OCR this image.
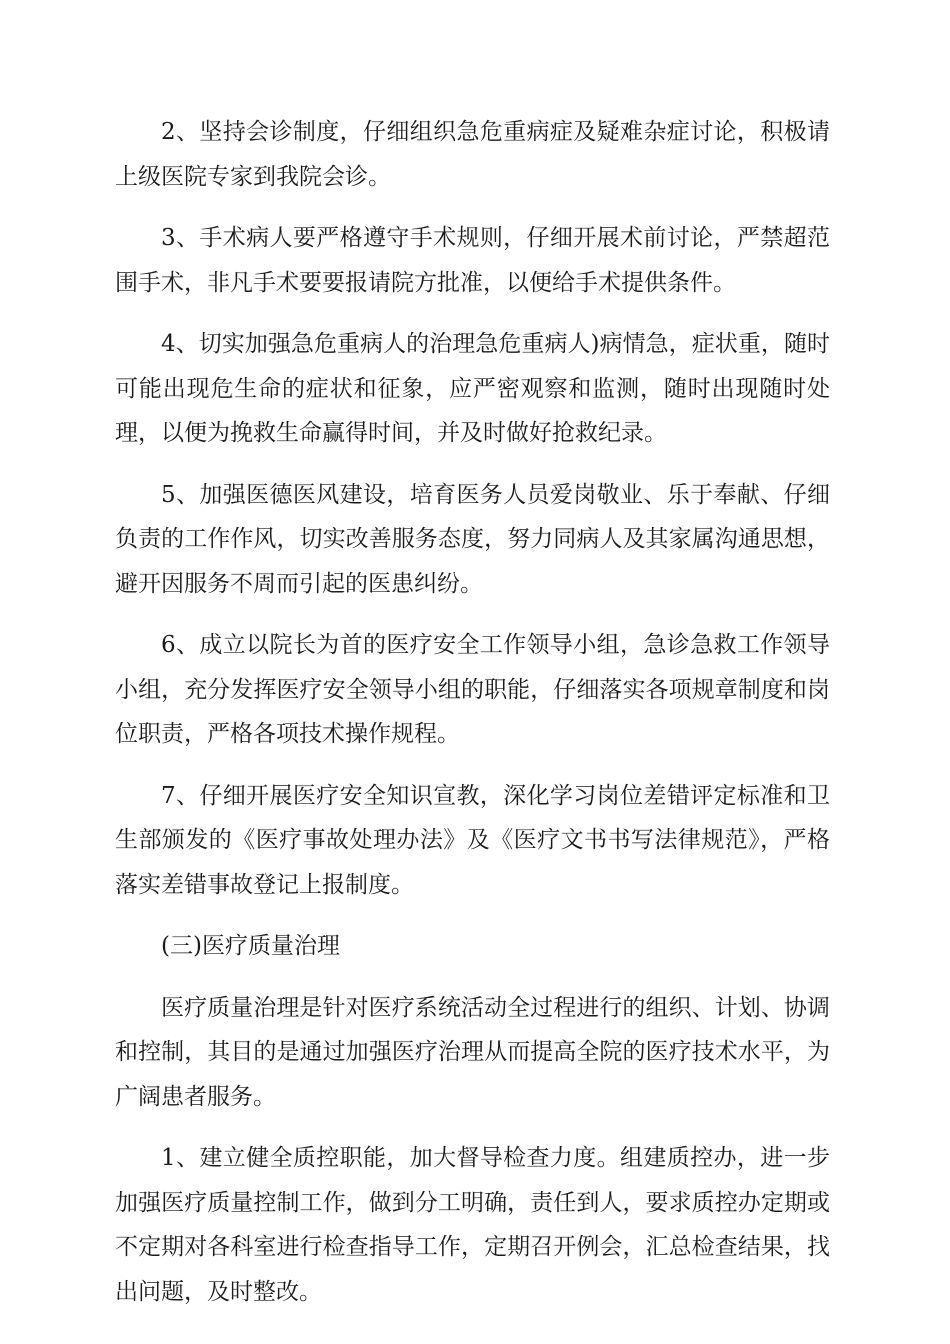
2、坚持会诊制度，仔细组织急危重病症及疑难杂症讨论，积极请上级医院专家到我院会诊。

3、手术病人要严格遵守手术规则，仔细开展术前讨论，严禁超范围手术，非凡手术要要报请院方批准，以便给手术提供条件。

4、切实加强急危重病人的治理急危重病人)病情急，症状重，随时可能出现危生命的症状和征象，应严密观察和监测，随时出现随时处理，以便为挽救生命赢得时间，并及时做好抢救纪录。

5、加强医德医风建设，培育医务人员爱岗敬业、乐于奉献、仔细负责的工作作风，切实改善服务态度，努力同病人及其家属沟通思想，避开因服务不周而引起的医患纠纷。

6、成立以院长为首的医疗安全工作领导小组，急诊急救工作领导小组，充分发挥医疗安全领导小组的职能，仔细落实各项规章制度和岗位职责，严格各项技术操作规程。

7、仔细开展医疗安全知识宣教，深化学习岗位差错评定标准和卫生部颁发的《医疗事故处理办法》及《医疗文书书写法律规范》，严格落实差错事故登记上报制度。

(三)医疗质量治理

医疗质量治理是针对医疗系统活动全过程进行的组织、计划、协调和控制，其目的是通过加强医疗治理从而提高全院的医疗技术水平，为广阔患者服务。

1、建立健全质控职能，加大督导检查力度。组建质控办，进一步加强医疗质量控制工作，做到分工明确，责任到人，要求质控办定期或不定期对各科室进行检查指导工作，定期召开例会，汇总检查结果，找出问题，及时整改。
